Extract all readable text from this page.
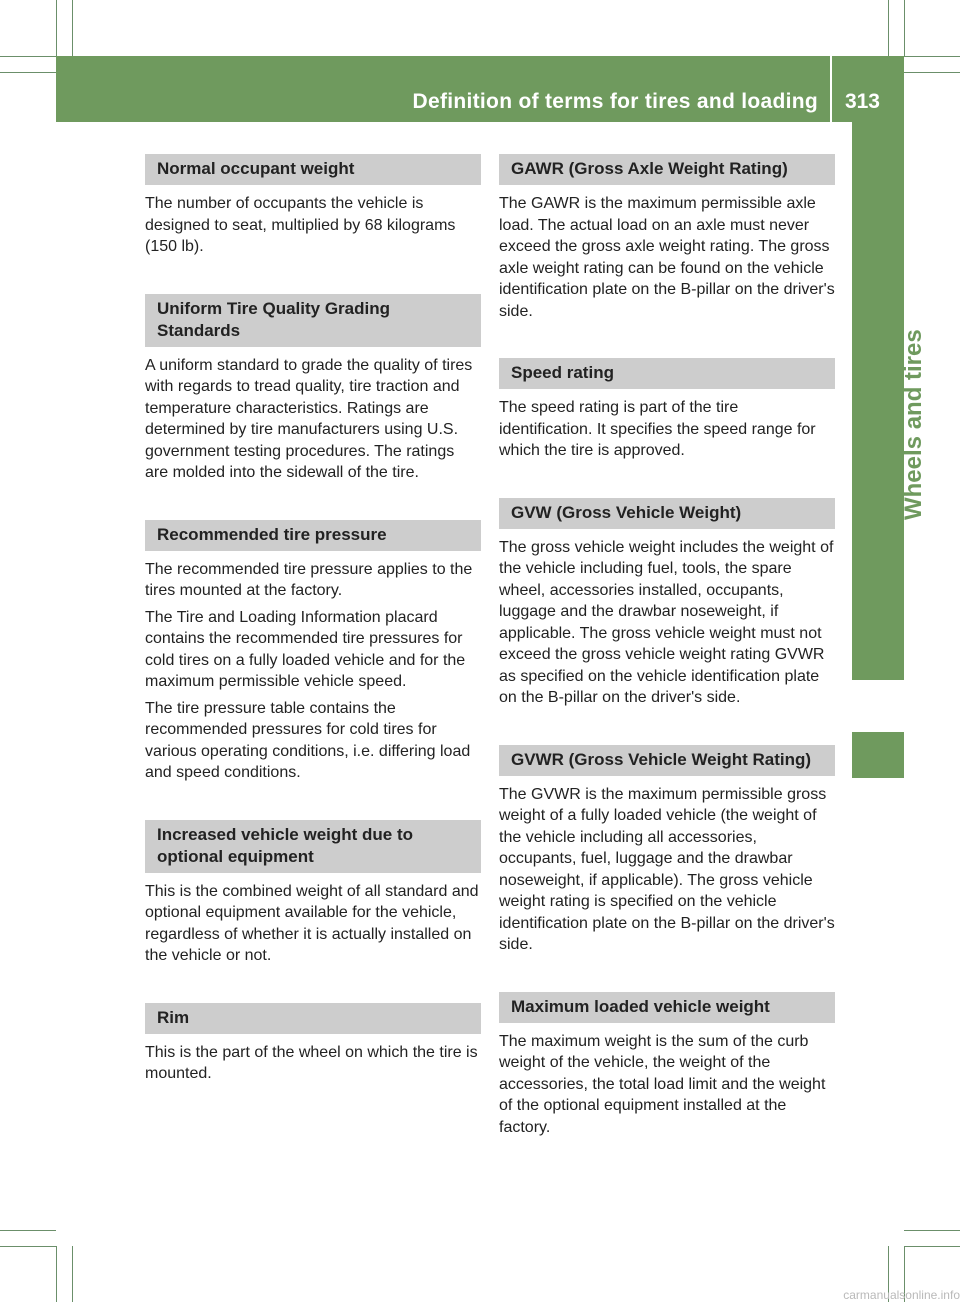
Definition of terms for tires and loading 313
Wheels and tires
Normal occupant weight

The number of occupants the vehicle is designed to seat, multiplied by 68 kilograms (150 lb).

Uniform Tire Quality Grading Standards

A uniform standard to grade the quality of tires with regards to tread quality, tire traction and temperature characteristics. Ratings are determined by tire manufacturers using U.S. government testing procedures. The ratings are molded into the sidewall of the tire.

Recommended tire pressure

The recommended tire pressure applies to the tires mounted at the factory.

The Tire and Loading Information placard contains the recommended tire pressures for cold tires on a fully loaded vehicle and for the maximum permissible vehicle speed.

The tire pressure table contains the recommended pressures for cold tires for various operating conditions, i.e. differing load and speed conditions.

Increased vehicle weight due to optional equipment

This is the combined weight of all standard and optional equipment available for the vehicle, regardless of whether it is actually installed on the vehicle or not.

Rim

This is the part of the wheel on which the tire is mounted.

GAWR (Gross Axle Weight Rating)

The GAWR is the maximum permissible axle load. The actual load on an axle must never exceed the gross axle weight rating. The gross axle weight rating can be found on the vehicle identification plate on the B-pillar on the driver's side.

Speed rating

The speed rating is part of the tire identification. It specifies the speed range for which the tire is approved.

GVW (Gross Vehicle Weight)

The gross vehicle weight includes the weight of the vehicle including fuel, tools, the spare wheel, accessories installed, occupants, luggage and the drawbar noseweight, if applicable. The gross vehicle weight must not exceed the gross vehicle weight rating GVWR as specified on the vehicle identification plate on the B-pillar on the driver's side.

GVWR (Gross Vehicle Weight Rating)

The GVWR is the maximum permissible gross weight of a fully loaded vehicle (the weight of the vehicle including all accessories, occupants, fuel, luggage and the drawbar noseweight, if applicable). The gross vehicle weight rating is specified on the vehicle identification plate on the B-pillar on the driver's side.

Maximum loaded vehicle weight

The maximum weight is the sum of the curb weight of the vehicle, the weight of the accessories, the total load limit and the weight of the optional equipment installed at the factory.

carmanualsonline.info
